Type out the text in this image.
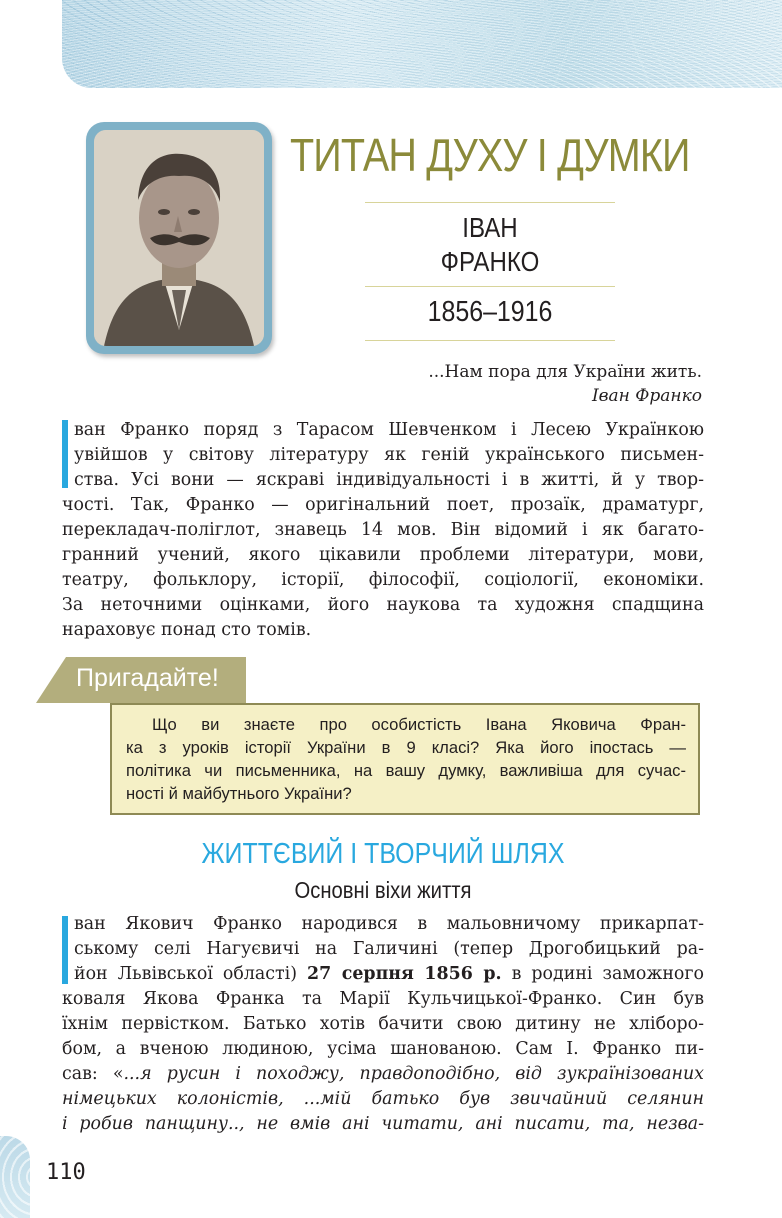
ТИТАН ДУХУ І ДУМКИ
ІВАН
ФРАНКО
1856–1916
...Нам пора для України жить.
Іван Франко
ван Франко поряд з Тарасом Шевченком і Лесею Українкою
увійшов у світову літературу як геній українського письмен-
ства. Усі вони — яскраві індивідуальності і в житті, й у твор-
чості. Так, Франко — оригінальний поет, прозаїк, драматург,
перекладач-поліглот, знавець 14 мов. Він відомий і як багато-
гранний учений, якого цікавили проблеми літератури, мови,
театру, фольклору, історії, філософії, соціології, економіки.
За неточними оцінками, його наукова та художня спадщина
нараховує понад сто томів.
Пригадайте!
Що ви знаєте про особистість Івана Яковича Фран-
ка з уроків історії України в 9 класі? Яка його іпостась —
політика чи письменника, на вашу думку, важливіша для сучас-
ності й майбутнього України?
ЖИТТЄВИЙ І ТВОРЧИЙ ШЛЯХ
Основні віхи життя
ван Якович Франко народився в мальовничому прикарпат-
ському селі Нагуєвичі на Галичині (тепер Дрогобицький ра-
йон Львівської області) 27 серпня 1856 р. в родині заможного
коваля Якова Франка та Марії Кульчицької-Франко. Син був
їхнім первістком. Батько хотів бачити свою дитину не хліборо-
бом, а вченою людиною, усіма шанованою. Сам І. Франко пи-
сав: «...я русин і походжу, правдоподібно, від зукраїнізованих
німецьких колоністів, ...мій батько був звичайний селянин
і робив панщину.., не вмів ані читати, ані писати, та, незва-
110
